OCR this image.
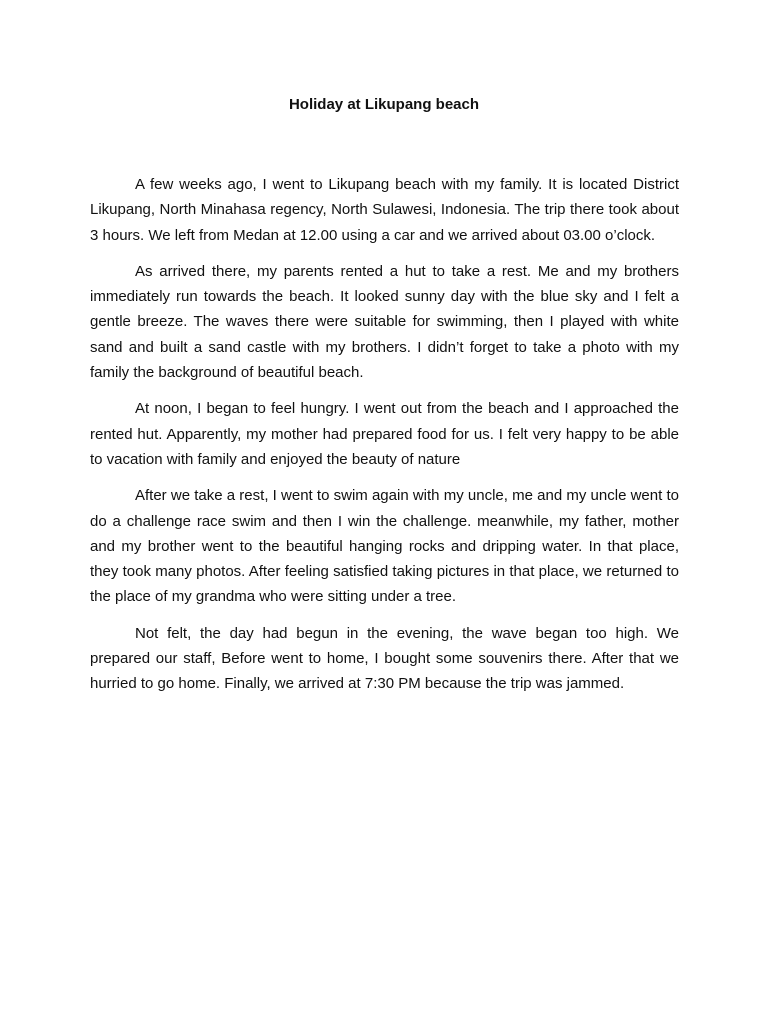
Holiday at Likupang beach

A few weeks ago, I went to Likupang beach with my family. It is located District Likupang, North Minahasa regency, North Sulawesi, Indonesia. The trip there took about 3 hours. We left from Medan at 12.00 using a car and we arrived about 03.00 o’clock.

As arrived there, my parents rented a hut to take a rest. Me and my brothers immediately run towards the beach. It looked sunny day with the blue sky and I felt a gentle breeze. The waves there were suitable for swimming, then I played with white sand and built a sand castle with my brothers. I didn’t forget to take a photo with my family the background of beautiful beach.

At noon, I began to feel hungry. I went out from the beach and I approached the rented hut. Apparently, my mother had prepared food for us. I felt very happy to be able to vacation with family and enjoyed the beauty of nature

After we take a rest, I went to swim again with my uncle, me and my uncle went to do a challenge race swim and then I win the challenge. meanwhile, my father, mother and my brother went to the beautiful hanging rocks and dripping water. In that place, they took many photos. After feeling satisfied taking pictures in that place, we returned to the place of my grandma who were sitting under a tree.

Not felt, the day had begun in the evening, the wave began too high. We prepared our staff, Before went to home, I bought some souvenirs there. After that we hurried to go home. Finally, we arrived at 7:30 PM because the trip was jammed.
